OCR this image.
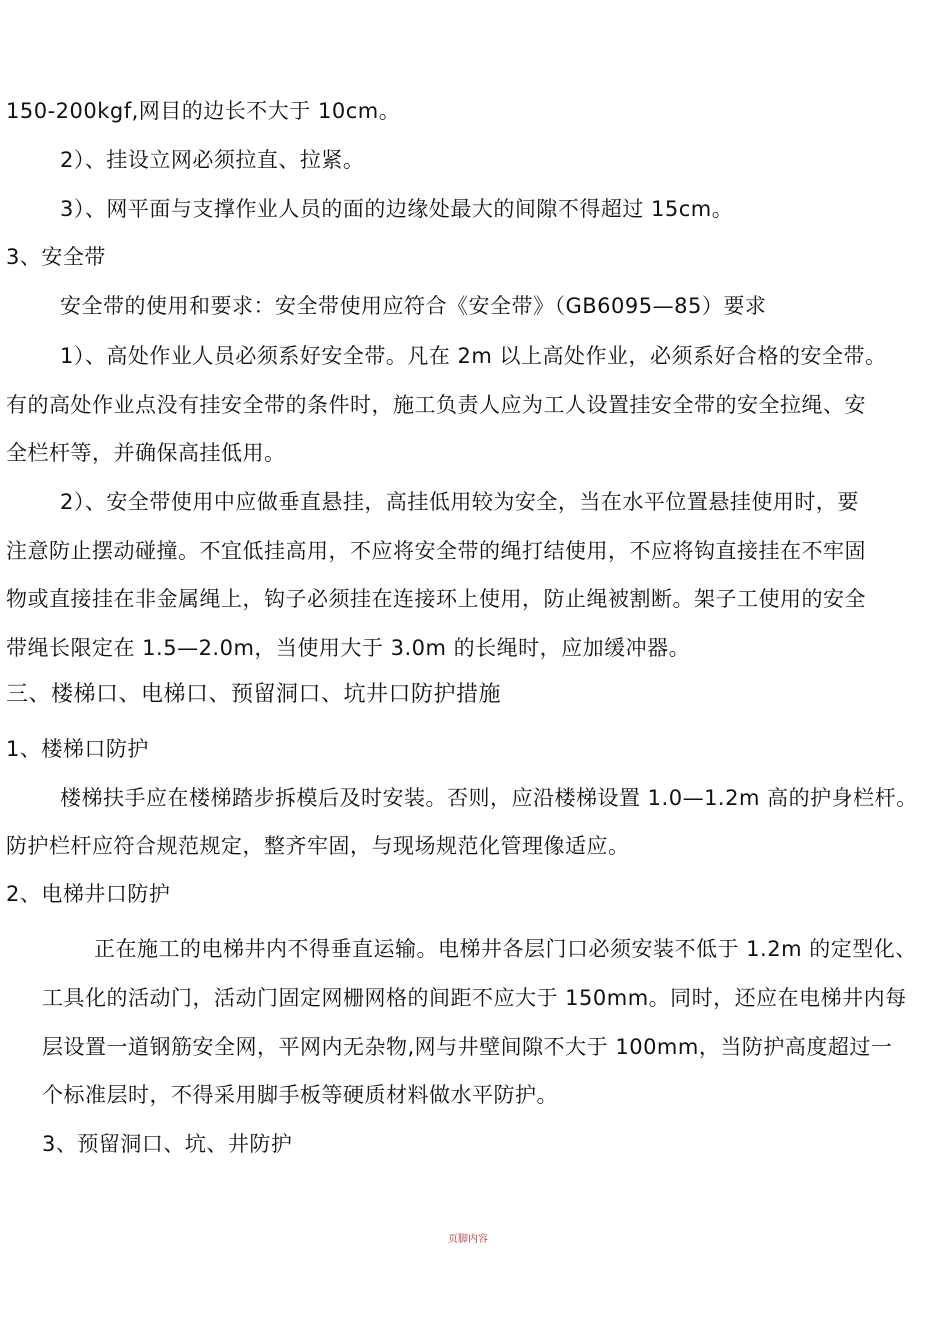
150-200kgf,网目的边长不大于 10cm。
2）、挂设立网必须拉直、拉紧。
3）、网平面与支撑作业人员的面的边缘处最大的间隙不得超过 15cm。
3、安全带
安全带的使用和要求：安全带使用应符合《安全带》（GB6095—85）要求
1）、高处作业人员必须系好安全带。凡在 2m 以上高处作业，必须系好合格的安全带。
有的高处作业点没有挂安全带的条件时，施工负责人应为工人设置挂安全带的安全拉绳、安
全栏杆等，并确保高挂低用。
2）、安全带使用中应做垂直悬挂，高挂低用较为安全，当在水平位置悬挂使用时，要
注意防止摆动碰撞。不宜低挂高用，不应将安全带的绳打结使用，不应将钩直接挂在不牢固
物或直接挂在非金属绳上，钩子必须挂在连接环上使用，防止绳被割断。架子工使用的安全
带绳长限定在 1.5—2.0m，当使用大于 3.0m 的长绳时，应加缓冲器。
三、楼梯口、电梯口、预留洞口、坑井口防护措施
1、楼梯口防护
楼梯扶手应在楼梯踏步拆模后及时安装。否则，应沿楼梯设置 1.0—1.2m 高的护身栏杆。
防护栏杆应符合规范规定，整齐牢固，与现场规范化管理像适应。
2、电梯井口防护
正在施工的电梯井内不得垂直运输。电梯井各层门口必须安装不低于 1.2m 的定型化、
工具化的活动门，活动门固定网栅网格的间距不应大于 150mm。同时，还应在电梯井内每
层设置一道钢筋安全网，平网内无杂物,网与井壁间隙不大于 100mm，当防护高度超过一
个标准层时，不得采用脚手板等硬质材料做水平防护。
3、预留洞口、坑、井防护
页脚内容
